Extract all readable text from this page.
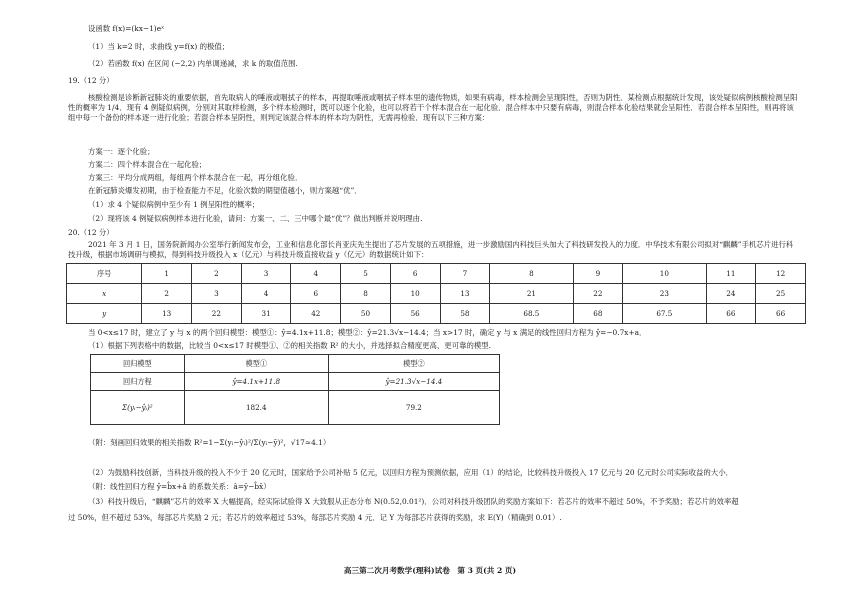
设函数 f(x)=(kx−1)eˣ
（1）当 k=2 时，求曲线 y=f(x) 的极值；
（2）若函数 f(x) 在区间 (−2,2) 内单调递减，求 k 的取值范围.
19.（12 分）
核酸检测是诊断新冠肺炎的重要依据，首先取病人的唾液或咽拭子的样本，再提取唾液或咽拭子样本里的遗传物质，如果有病毒，样本检测会呈现阳性，否则为阴性．某检测点根据统计发现，该处疑似病例核酸检测呈阳性的概率为 1/4．现有 4 例疑似病例，分别对其取样检测，多个样本检测时，既可以逐个化验，也可以将若干个样本混合在一起化验．混合样本中只要有病毒，则混合样本化验结果就会呈阳性．若混合样本呈阳性，则再将该组中每一个备份的样本逐一进行化验；若混合样本呈阴性，则判定该混合样本的样本均为阴性，无需再检验．现有以下三种方案：
方案一：逐个化验；
方案二：四个样本混合在一起化验；
方案三：平均分成两组，每组两个样本混合在一起，再分组化验．
在新冠肺炎爆发初期，由于检查能力不足，化验次数的期望值越小，则方案越“优”．
（1）求 4 个疑似病例中至少有 1 例呈阳性的概率；
（2）现将该 4 例疑似病例样本进行化验，请问：方案一、二、三中哪个最“优”？做出判断并说明理由.
20.（12 分）
2021 年 3 月 1 日，国务院新闻办公室举行新闻发布会，工业和信息化部长肖亚庆先生提出了芯片发展的五项措施，进一步激励国内科技巨头加大了科技研发投入的力度．中华技术有限公司拟对“麒麟”手机芯片进行科技升级，根据市场调研与模拟，得到科技升级投入 x（亿元）与科技升级直接收益 y（亿元）的数据统计如下：
序号	1	2	3	4	5	6	7	8	9	10	11	12
x	2	3	4	6	8	10	13	21	22	23	24	25
y	13	22	31	42	50	56	58	68.5	68	67.5	66	66
当 0<x≤17 时，建立了 y 与 x 的两个回归模型：模型①：ŷ=4.1x+11.8；模型②：ŷ=21.3√x−14.4；当 x>17 时，确定 y 与 x 满足的线性回归方程为 ŷ=−0.7x+a．
（1）根据下列表格中的数据，比较当 0<x≤17 时模型①、②的相关指数 R² 的大小，并选择拟合精度更高、更可靠的模型.
回归模型	模型①	模型②
回归方程	ŷ=4.1x+11.8	ŷ=21.3√x−14.4
Σ(yᵢ−ŷᵢ)²	182.4	79.2
（附：刻画回归效果的相关指数 R²=1−Σ(yᵢ−ŷᵢ)²/Σ(yᵢ−ȳ)²，√17≈4.1）
（2）为鼓励科技创新，当科技升级的投入不少于 20 亿元时，国家给予公司补贴 5 亿元，以回归方程为预测依据，应用（1）的结论，比较科技升级投入 17 亿元与 20 亿元时公司实际收益的大小．
（附：线性回归方程 ŷ=b̂x+â 的系数关系：â=ȳ−b̂x̄）
（3）科技升级后，“麒麟”芯片的效率 X 大幅提高，经实际试验得 X 大致服从正态分布 N(0.52,0.01²)．公司对科技升级团队的奖励方案如下：若芯片的效率不超过 50%，不予奖励；若芯片的效率超
过 50%，但不超过 53%，每部芯片奖励 2 元；若芯片的效率超过 53%，每部芯片奖励 4 元．记 Y 为每部芯片获得的奖励，求 E(Y)（精确到 0.01）.
高三第二次月考数学(理科)试卷　第 3 页(共 2 页)
